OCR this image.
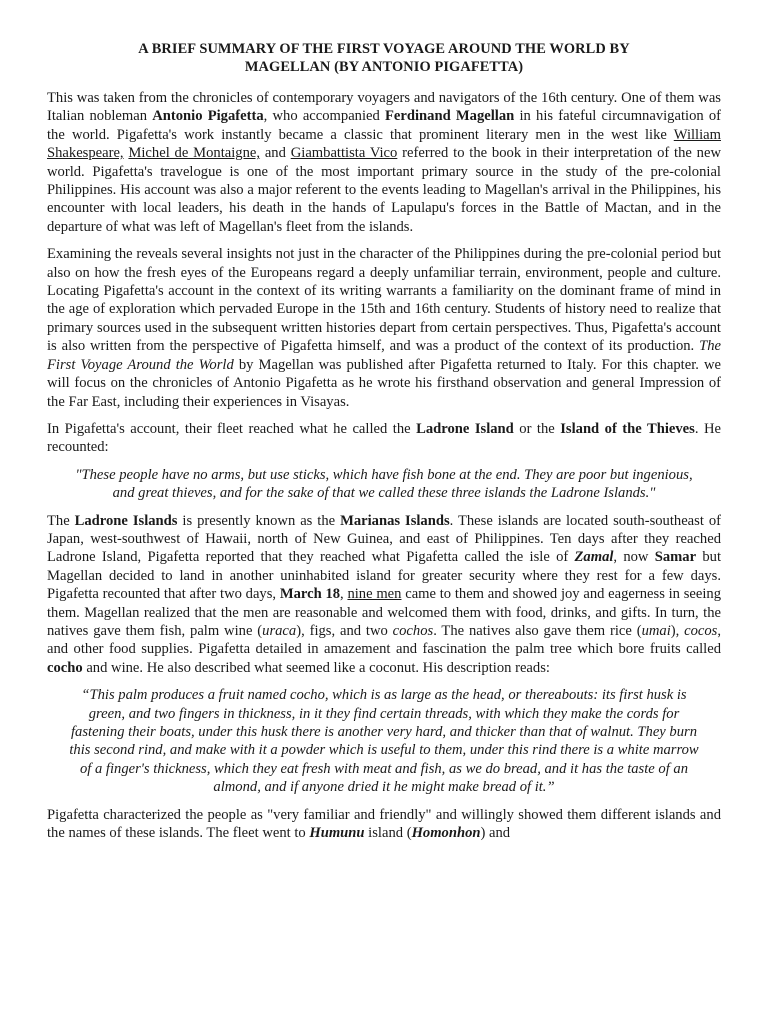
A BRIEF SUMMARY OF THE FIRST VOYAGE AROUND THE WORLD BY
MAGELLAN (BY ANTONIO PIGAFETTA)

This was taken from the chronicles of contemporary voyagers and navigators of the 16th century. One of them was Italian nobleman Antonio Pigafetta, who accompanied Ferdinand Magellan in his fateful circumnavigation of the world. Pigafetta's work instantly became a classic that prominent literary men in the west like William Shakespeare, Michel de Montaigne, and Giambattista Vico referred to the book in their interpretation of the new world. Pigafetta's travelogue is one of the most important primary source in the study of the pre-colonial Philippines. His account was also a major referent to the events leading to Magellan's arrival in the Philippines, his encounter with local leaders, his death in the hands of Lapulapu's forces in the Battle of Mactan, and in the departure of what was left of Magellan's fleet from the islands.

Examining the reveals several insights not just in the character of the Philippines during the pre-colonial period but also on how the fresh eyes of the Europeans regard a deeply unfamiliar terrain, environment, people and culture. Locating Pigafetta's account in the context of its writing warrants a familiarity on the dominant frame of mind in the age of exploration which pervaded Europe in the 15th and 16th century. Students of history need to realize that primary sources used in the subsequent written histories depart from certain perspectives. Thus, Pigafetta's account is also written from the perspective of Pigafetta himself, and was a product of the context of its production. The First Voyage Around the World by Magellan was published after Pigafetta returned to Italy. For this chapter. we will focus on the chronicles of Antonio Pigafetta as he wrote his firsthand observation and general Impression of the Far East, including their experiences in Visayas.

In Pigafetta's account, their fleet reached what he called the Ladrone Island or the Island of the Thieves. He recounted:

"These people have no arms, but use sticks, which have fish bone at the end. They are poor but ingenious, and great thieves, and for the sake of that we called these three islands the Ladrone Islands."

The Ladrone Islands is presently known as the Marianas Islands. These islands are located south-southeast of Japan, west-southwest of Hawaii, north of New Guinea, and east of Philippines. Ten days after they reached Ladrone Island, Pigafetta reported that they reached what Pigafetta called the isle of Zamal, now Samar but Magellan decided to land in another uninhabited island for greater security where they rest for a few days. Pigafetta recounted that after two days, March 18, nine men came to them and showed joy and eagerness in seeing them. Magellan realized that the men are reasonable and welcomed them with food, drinks, and gifts. In turn, the natives gave them fish, palm wine (uraca), figs, and two cochos. The natives also gave them rice (umai), cocos, and other food supplies. Pigafetta detailed in amazement and fascination the palm tree which bore fruits called cocho and wine. He also described what seemed like a coconut. His description reads:

“This palm produces a fruit named cocho, which is as large as the head, or thereabouts: its first husk is green, and two fingers in thickness, in it they find certain threads, with which they make the cords for fastening their boats, under this husk there is another very hard, and thicker than that of walnut. They burn this second rind, and make with it a powder which is useful to them, under this rind there is a white marrow of a finger's thickness, which they eat fresh with meat and fish, as we do bread, and it has the taste of an almond, and if anyone dried it he might make bread of it.”

Pigafetta characterized the people as "very familiar and friendly" and willingly showed them different islands and the names of these islands. The fleet went to Humunu island (Homonhon) and
